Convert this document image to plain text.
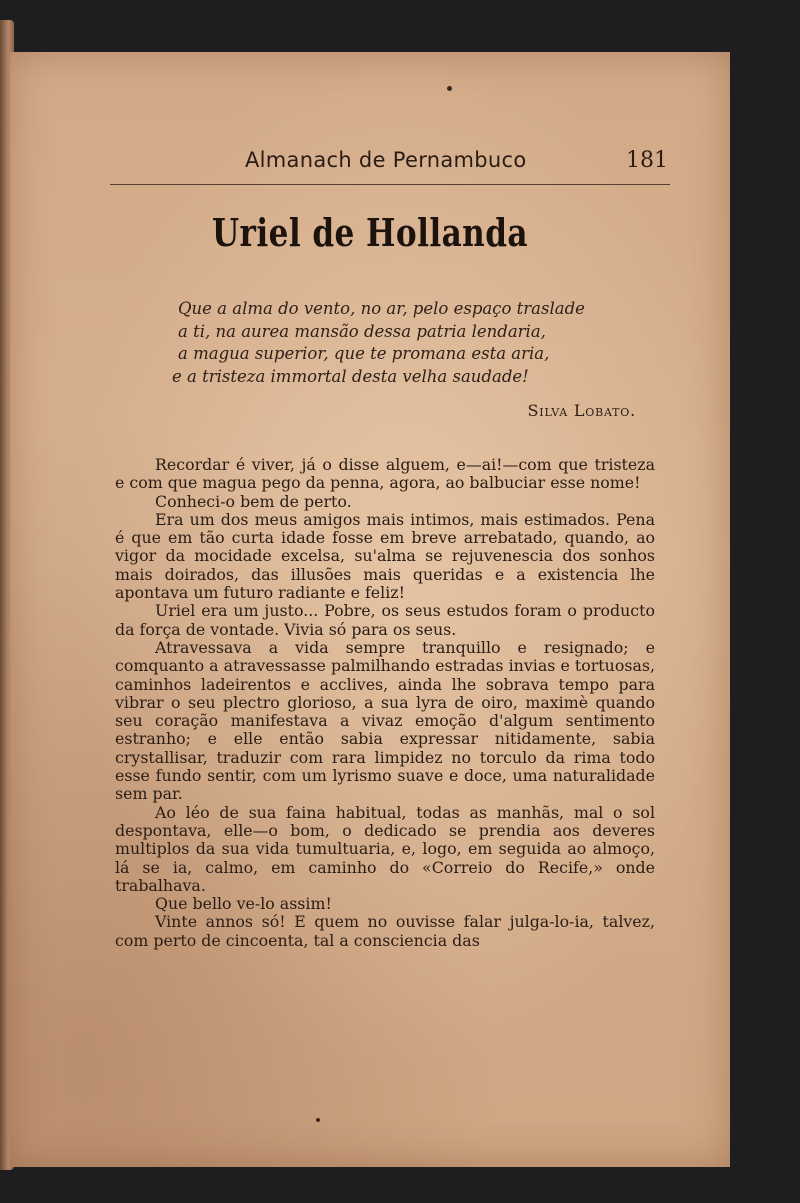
Almanach de Pernambuco	181
Uriel de Hollanda
Que a alma do vento, no ar, pelo espaço traslade
a ti, na aurea mansão dessa patria lendaria,
a magua superior, que te promana esta aria,
e a tristeza immortal desta velha saudade!
Silva Lobato.

Recordar é viver, já o disse alguem, e—ai!—com que tristeza e com que magua pego da penna, agora, ao balbuciar esse nome!

Conheci-o bem de perto.

Era um dos meus amigos mais intimos, mais estimados. Pena é que em tão curta idade fosse em breve arrebatado, quando, ao vigor da mocidade excelsa, su'alma se rejuvenescia dos sonhos mais doirados, das illusões mais queridas e a existencia lhe apontava um futuro radiante e feliz!

Uriel era um justo... Pobre, os seus estudos foram o producto da força de vontade. Vivia só para os seus.

Atravessava a vida sempre tranquillo e resignado; e comquanto a atravessasse palmilhando estradas invias e tortuosas, caminhos ladeirentos e acclives, ainda lhe sobrava tempo para vibrar o seu plectro glorioso, a sua lyra de oiro, maximè quando seu coração manifestava a vivaz emoção d'algum sentimento estranho; e elle então sabia expressar nitidamente, sabia crystallisar, traduzir com rara limpidez no torculo da rima todo esse fundo sentir, com um lyrismo suave e doce, uma naturalidade sem par.

Ao léo de sua faina habitual, todas as manhãs, mal o sol despontava, elle—o bom, o dedicado se prendia aos deveres multiplos da sua vida tumultuaria, e, logo, em seguida ao almoço, lá se ia, calmo, em caminho do «Correio do Recife,» onde trabalhava.

Que bello ve-lo assim!

Vinte annos só! E quem no ouvisse falar julga-lo-ia, talvez, com perto de cincoenta, tal a consciencia das
